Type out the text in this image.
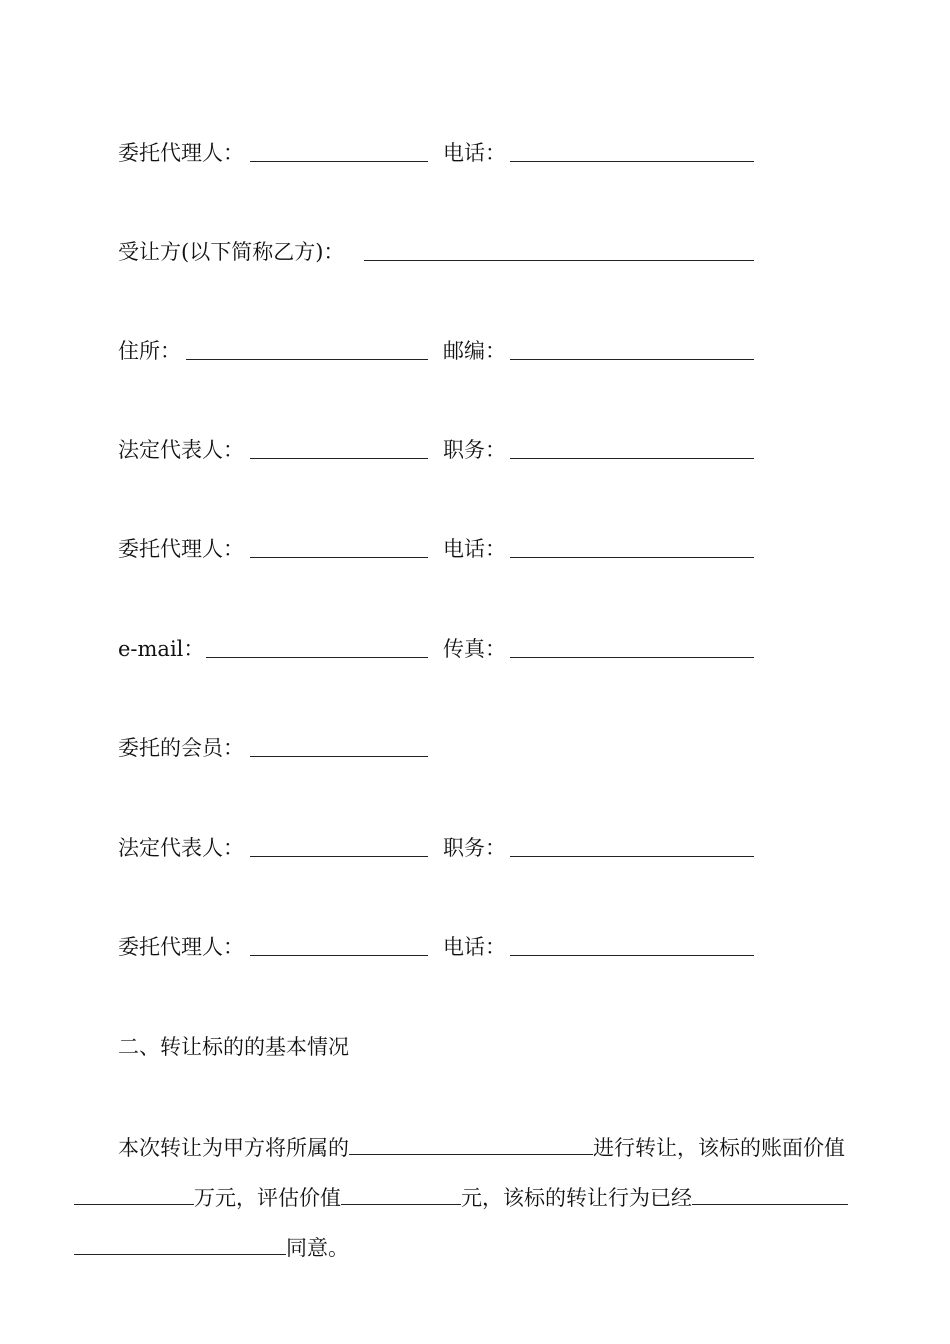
委托代理人：	电话：
受让方(以下简称乙方)：
住所：	邮编：
法定代表人：	职务：
委托代理人：	电话：
e-mail：	传真：
委托的会员：
法定代表人：	职务：
委托代理人：	电话：
二、转让标的的基本情况
本次转让为甲方将所属的	进行转让，该标的账面价值
万元，评估价值	元，该标的转让行为已经
同意。
